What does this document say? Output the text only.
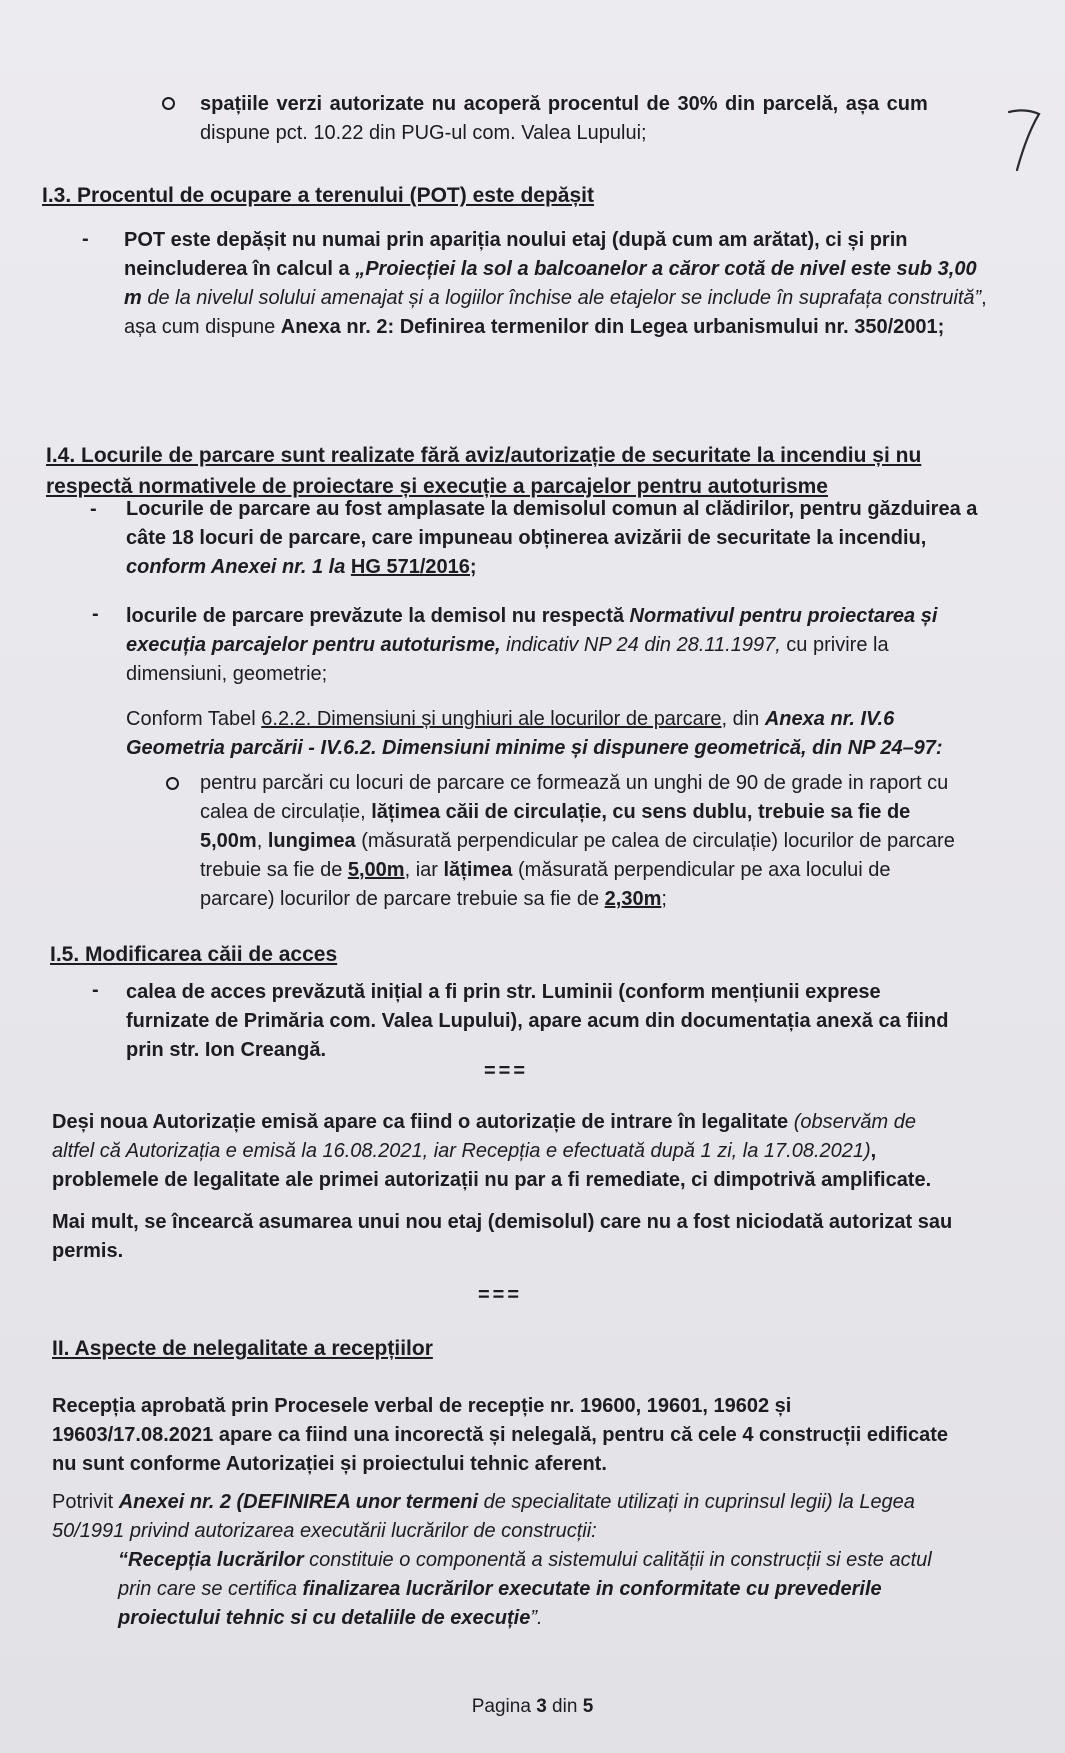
spațiile verzi autorizate nu acoperă procentul de 30% din parcelă, așa cum

dispune pct. 10.22 din PUG-ul com. Valea Lupului;

I.3. Procentul de ocupare a terenului (POT) este depășit

- POT este depășit nu numai prin apariția noului etaj (după cum am arătat), ci și prin neincluderea în calcul a „Proiecției la sol a balcoanelor a căror cotă de nivel este sub 3,00 m de la nivelul solului amenajat și a logiilor închise ale etajelor se include în suprafața construită”, așa cum dispune Anexa nr. 2: Definirea termenilor din Legea urbanismului nr. 350/2001;

I.4. Locurile de parcare sunt realizate fără aviz/autorizație de securitate la incendiu și nu respectă normativele de proiectare și execuție a parcajelor pentru autoturisme

- Locurile de parcare au fost amplasate la demisolul comun al clădirilor, pentru găzduirea a câte 18 locuri de parcare, care impuneau obținerea avizării de securitate la incendiu, conform Anexei nr. 1 la HG 571/2016;

- locurile de parcare prevăzute la demisol nu respectă Normativul pentru proiectarea și execuția parcajelor pentru autoturisme, indicativ NP 24 din 28.11.1997, cu privire la dimensiuni, geometrie;

Conform Tabel 6.2.2. Dimensiuni și unghiuri ale locurilor de parcare, din Anexa nr. IV.6 Geometria parcării - IV.6.2. Dimensiuni minime și dispunere geometrică, din NP 24–97:

pentru parcări cu locuri de parcare ce formează un unghi de 90 de grade in raport cu calea de circulație, lățimea căii de circulație, cu sens dublu, trebuie sa fie de 5,00m, lungimea (măsurată perpendicular pe calea de circulație) locurilor de parcare trebuie sa fie de 5,00m, iar lățimea (măsurată perpendicular pe axa locului de parcare) locurilor de parcare trebuie sa fie de 2,30m;

I.5. Modificarea căii de acces

- calea de acces prevăzută inițial a fi prin str. Luminii (conform mențiunii exprese furnizate de Primăria com. Valea Lupului), apare acum din documentația anexă ca fiind prin str. Ion Creangă.

===

Deși noua Autorizație emisă apare ca fiind o autorizație de intrare în legalitate (observăm de altfel că Autorizația e emisă la 16.08.2021, iar Recepția e efectuată după 1 zi, la 17.08.2021), problemele de legalitate ale primei autorizații nu par a fi remediate, ci dimpotrivă amplificate.

Mai mult, se încearcă asumarea unui nou etaj (demisolul) care nu a fost niciodată autorizat sau permis.

===

II. Aspecte de nelegalitate a recepțiilor

Recepția aprobată prin Procesele verbal de recepție nr. 19600, 19601, 19602 și 19603/17.08.2021 apare ca fiind una incorectă și nelegală, pentru că cele 4 construcții edificate nu sunt conforme Autorizației și proiectului tehnic aferent.

Potrivit Anexei nr. 2 (DEFINIREA unor termeni de specialitate utilizați in cuprinsul legii) la Legea 50/1991 privind autorizarea executării lucrărilor de construcții:

“Recepția lucrărilor constituie o componentă a sistemului calității in construcții si este actul prin care se certifica finalizarea lucrărilor executate in conformitate cu prevederile proiectului tehnic si cu detaliile de execuție”.

Pagina 3 din 5
